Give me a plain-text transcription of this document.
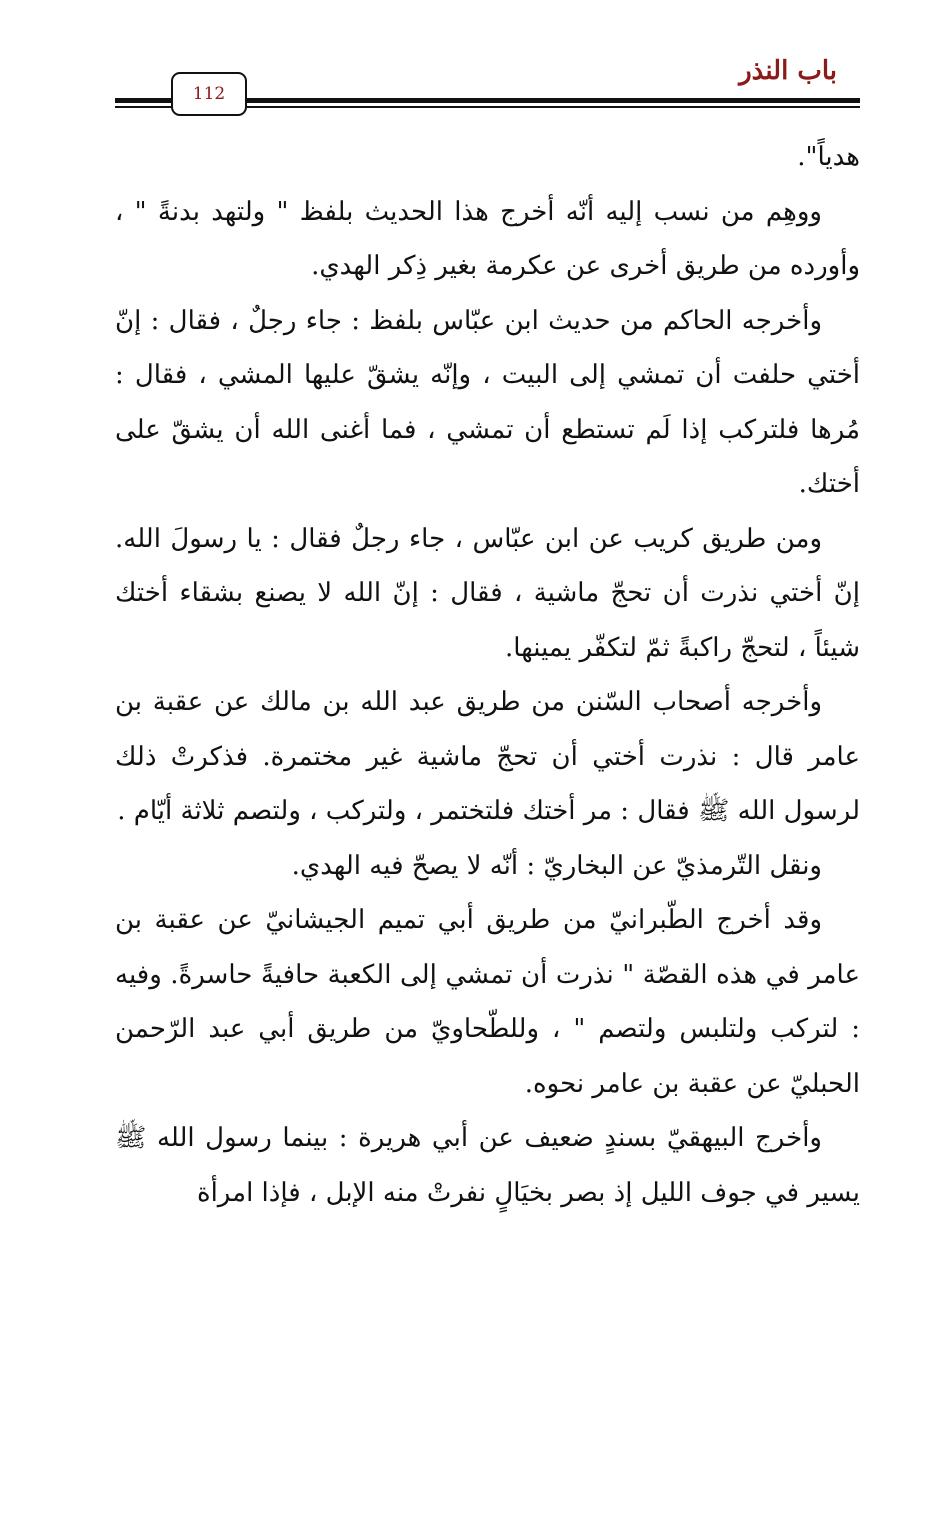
باب النذر
112

هدياً".

ووهِم من نسب إليه أنّه أخرج هذا الحديث بلفظ " ولتهد بدنةً " ، وأورده من طريق أخرى عن عكرمة بغير ذِكر الهدي.

وأخرجه الحاكم من حديث ابن عبّاس بلفظ : جاء رجلٌ ، فقال : إنّ أختي حلفت أن تمشي إلى البيت ، وإنّه يشقّ عليها المشي ، فقال : مُرها فلتركب إذا لَم تستطع أن تمشي ، فما أغنى الله أن يشقّ على أختك.

ومن طريق كريب عن ابن عبّاس ، جاء رجلٌ فقال : يا رسولَ الله. إنّ أختي نذرت أن تحجّ ماشية ، فقال : إنّ الله لا يصنع بشقاء أختك شيئاً ، لتحجّ راكبةً ثمّ لتكفّر يمينها.

وأخرجه أصحاب السّنن من طريق عبد الله بن مالك عن عقبة بن عامر قال : نذرت أختي أن تحجّ ماشية غير مختمرة. فذكرتْ ذلك لرسول الله ﷺ فقال : مر أختك فلتختمر ، ولتركب ، ولتصم ثلاثة أيّام .

ونقل التّرمذيّ عن البخاريّ : أنّه لا يصحّ فيه الهدي.

وقد أخرج الطّبرانيّ من طريق أبي تميم الجيشانيّ عن عقبة بن عامر في هذه القصّة " نذرت أن تمشي إلى الكعبة حافيةً حاسرةً. وفيه : لتركب ولتلبس ولتصم " ، وللطّحاويّ من طريق أبي عبد الرّحمن الحبليّ عن عقبة بن عامر نحوه.

وأخرج البيهقيّ بسندٍ ضعيف عن أبي هريرة : بينما رسول الله ﷺ يسير في جوف الليل إذ بصر بخيَالٍ نفرتْ منه الإبل ، فإذا امرأة
